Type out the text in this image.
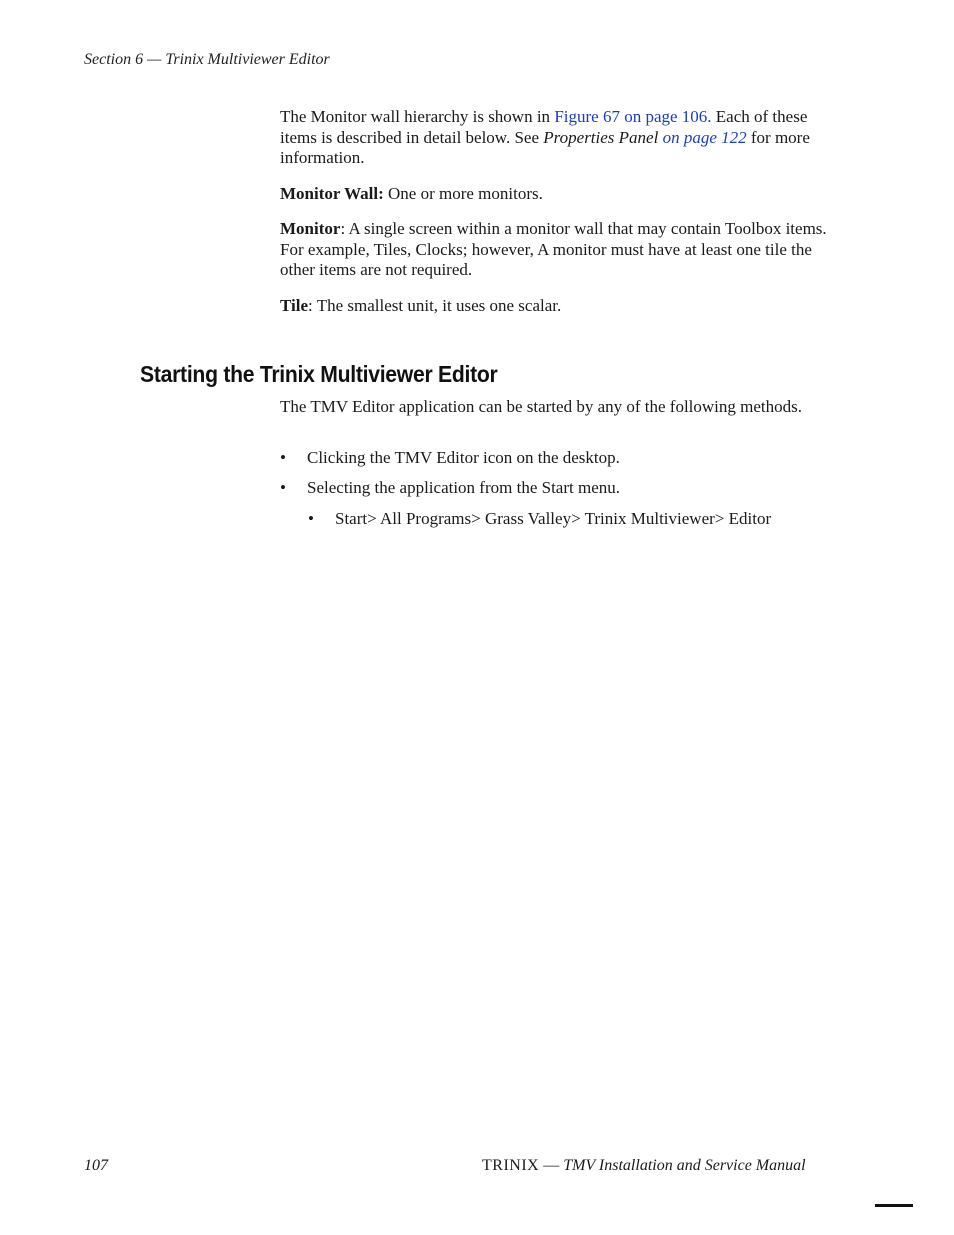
Section 6 — Trinix Multiviewer Editor

The Monitor wall hierarchy is shown in Figure 67 on page 106. Each of these items is described in detail below. See Properties Panel on page 122 for more information.

Monitor Wall: One or more monitors.

Monitor: A single screen within a monitor wall that may contain Toolbox items. For example, Tiles, Clocks; however, A monitor must have at least one tile the other items are not required.

Tile: The smallest unit, it uses one scalar.

Starting the Trinix Multiviewer Editor

The TMV Editor application can be started by any of the following methods.

• Clicking the TMV Editor icon on the desktop.
• Selecting the application from the Start menu.
• Start> All Programs> Grass Valley> Trinix Multiviewer> Editor
107	TRINIX — TMV Installation and Service Manual
